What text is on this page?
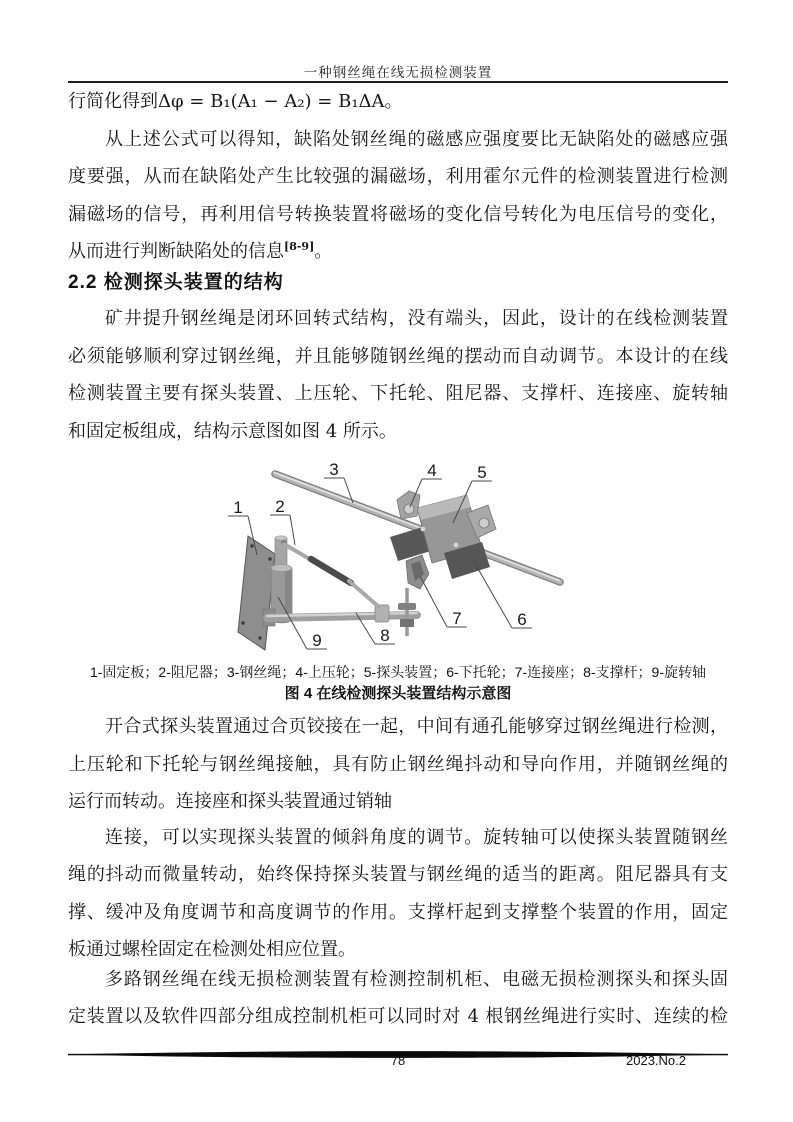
一种钢丝绳在线无损检测装置
行简化得到Δφ = B₁(A₁ − A₂) = B₁ΔA。
从上述公式可以得知，缺陷处钢丝绳的磁感应强度要比无缺陷处的磁感应强
度要强，从而在缺陷处产生比较强的漏磁场，利用霍尔元件的检测装置进行检测
漏磁场的信号，再利用信号转换装置将磁场的变化信号转化为电压信号的变化，
从而进行判断缺陷处的信息[8-9]。
2.2 检测探头装置的结构
矿井提升钢丝绳是闭环回转式结构，没有端头，因此，设计的在线检测装置
必须能够顺利穿过钢丝绳，并且能够随钢丝绳的摆动而自动调节。本设计的在线
检测装置主要有探头装置、上压轮、下托轮、阻尼器、支撑杆、连接座、旋转轴
和固定板组成，结构示意图如图 4 所示。
1 2
3	4 5
6
7
8
9
1-固定板；2-阻尼器；3-钢丝绳；4-上压轮；5-探头装置；6-下托轮；7-连接座；8-支撑杆；9-旋转轴
图 4 在线检测探头装置结构示意图
开合式探头装置通过合页铰接在一起，中间有通孔能够穿过钢丝绳进行检测，
上压轮和下托轮与钢丝绳接触，具有防止钢丝绳抖动和导向作用，并随钢丝绳的
运行而转动。连接座和探头装置通过销轴
连接，可以实现探头装置的倾斜角度的调节。旋转轴可以使探头装置随钢丝
绳的抖动而微量转动，始终保持探头装置与钢丝绳的适当的距离。阻尼器具有支
撑、缓冲及角度调节和高度调节的作用。支撑杆起到支撑整个装置的作用，固定
板通过螺栓固定在检测处相应位置。
多路钢丝绳在线无损检测装置有检测控制机柜、电磁无损检测探头和探头固
定装置以及软件四部分组成控制机柜可以同时对 4 根钢丝绳进行实时、连续的检
78	2023.No.2
